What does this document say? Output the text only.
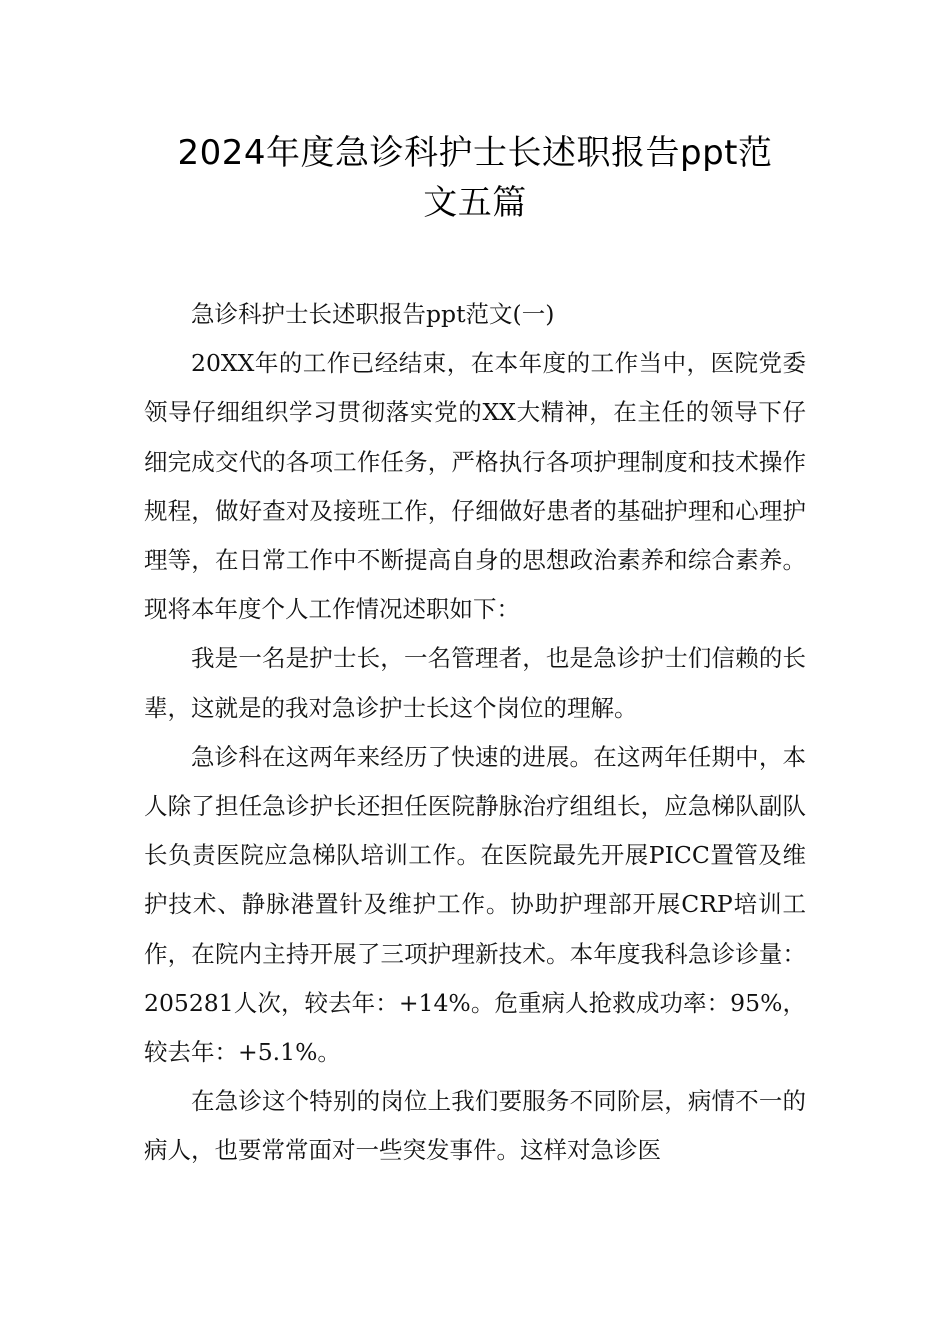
2024年度急诊科护士长述职报告ppt范
文五篇

急诊科护士长述职报告ppt范文(一)

20XX年的工作已经结束，在本年度的工作当中，医院党委领导仔细组织学习贯彻落实党的XX大精神，在主任的领导下仔细完成交代的各项工作任务，严格执行各项护理制度和技术操作规程，做好查对及接班工作，仔细做好患者的基础护理和心理护理等，在日常工作中不断提高自身的思想政治素养和综合素养。现将本年度个人工作情况述职如下：

我是一名是护士长，一名管理者，也是急诊护士们信赖的长辈，这就是的我对急诊护士长这个岗位的理解。

急诊科在这两年来经历了快速的进展。在这两年任期中，本人除了担任急诊护长还担任医院静脉治疗组组长，应急梯队副队长负责医院应急梯队培训工作。在医院最先开展PICC置管及维护技术、静脉港置针及维护工作。协助护理部开展CRP培训工作，在院内主持开展了三项护理新技术。本年度我科急诊诊量：205281人次，较去年：+14%。危重病人抢救成功率：95%，较去年：+5.1%。

在急诊这个特别的岗位上我们要服务不同阶层，病情不一的病人，也要常常面对一些突发事件。这样对急诊医
